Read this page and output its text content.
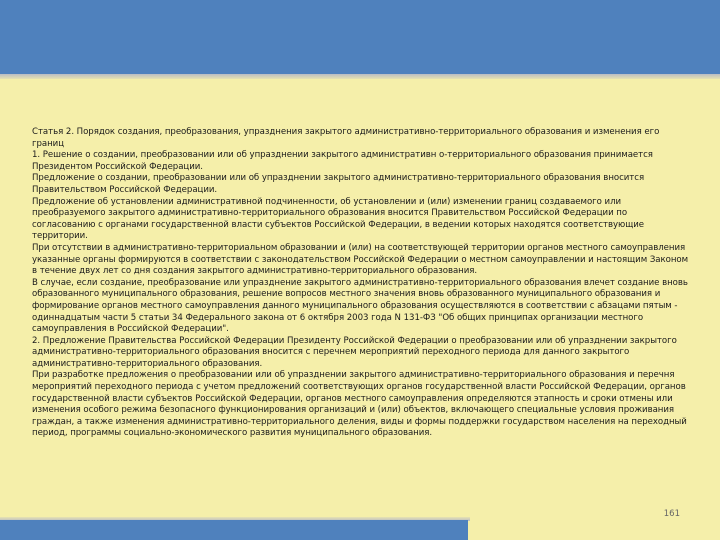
Статья 2. Порядок создания, преобразования, упразднения закрытого административно-территориального образования и изменения его границ

1. Решение о создании, преобразовании или об упразднении закрытого административн о-территориального образования принимается Президентом Российской Федерации.

Предложение о создании, преобразовании или об упразднении закрытого административно-территориального образования вносится Правительством Российской Федерации.

Предложение об установлении административной подчиненности, об установлении и (или) изменении границ создаваемого или преобразуемого закрытого административно-территориального образования вносится Правительством Российской Федерации по согласованию с органами государственной власти субъектов Российской Федерации, в ведении которых находятся соответствующие территории.

При отсутствии в административно-территориальном образовании и (или) на соответствующей территории органов местного самоуправления указанные органы формируются в соответствии с законодательством Российской Федерации о местном самоуправлении и настоящим Законом в течение двух лет со дня создания закрытого административно-территориального образования.

В случае, если создание, преобразование или упразднение закрытого административно-территориального образования влечет создание вновь образованного муниципального образования, решение вопросов местного значения вновь образованного муниципального образования и формирование органов местного самоуправления данного муниципального образования осуществляются в соответствии с абзацами пятым - одиннадцатым части 5 статьи 34 Федерального закона от 6 октября 2003 года N 131-ФЗ "Об общих принципах организации местного самоуправления в Российской Федерации".

2. Предложение Правительства Российской Федерации Президенту Российской Федерации о преобразовании или об упразднении закрытого административно-территориального образования вносится с перечнем мероприятий переходного периода для данного закрытого административно-территориального образования.

При разработке предложения о преобразовании или об упразднении закрытого административно-территориального образования и перечня мероприятий переходного периода с учетом предложений соответствующих органов государственной власти Российской Федерации, органов государственной власти субъектов Российской Федерации, органов местного самоуправления определяются этапность и сроки отмены или изменения особого режима безопасного функционирования организаций и (или) объектов, включающего специальные условия проживания граждан, а также изменения административно-территориального деления, виды и формы поддержки государством населения на переходный период, программы социально-экономического развития муниципального образования.

161
